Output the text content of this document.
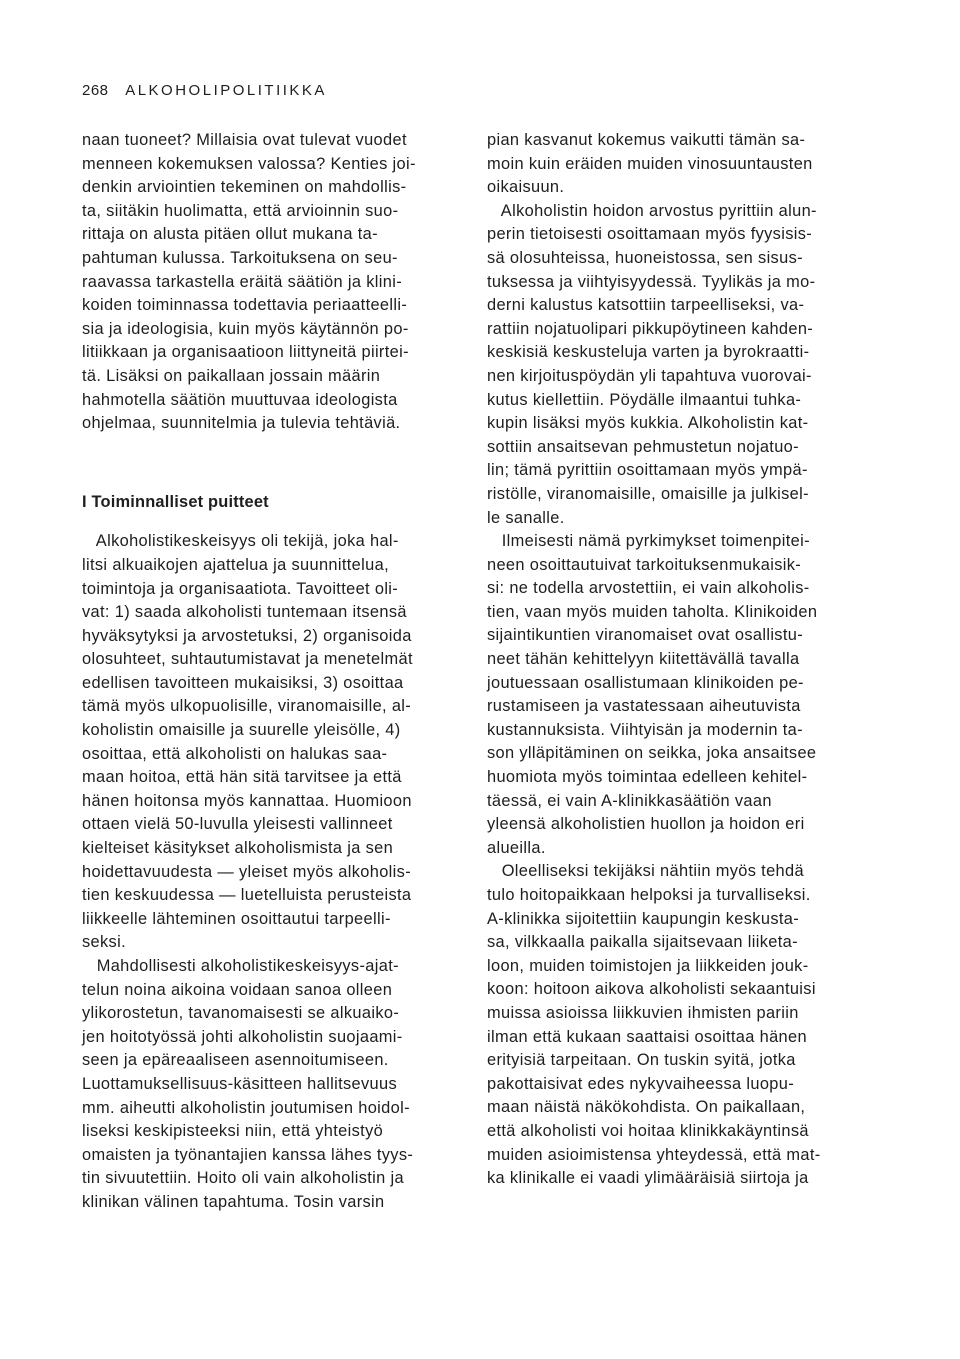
268 ALKOHOLIPOLITIIKKA
naan tuoneet? Millaisia ovat tulevat vuodet
menneen kokemuksen valossa? Kenties joi-
denkin arviointien tekeminen on mahdollis-
ta, siitäkin huolimatta, että arvioinnin suo-
rittaja on alusta pitäen ollut mukana ta-
pahtuman kulussa. Tarkoituksena on seu-
raavassa tarkastella eräitä säätiön ja klini-
koiden toiminnassa todettavia periaatteelli-
sia ja ideologisia, kuin myös käytännön po-
litiikkaan ja organisaatioon liittyneitä piirtei-
tä. Lisäksi on paikallaan jossain määrin
hahmotella säätiön muuttuvaa ideologista
ohjelmaa, suunnitelmia ja tulevia tehtäviä.
I Toiminnalliset puitteet
Alkoholistikeskeisyys oli tekijä, joka hal-
litsi alkuaikojen ajattelua ja suunnittelua,
toimintoja ja organisaatiota. Tavoitteet oli-
vat: 1) saada alkoholisti tuntemaan itsensä
hyväksytyksi ja arvostetuksi, 2) organisoida
olosuhteet, suhtautumistavat ja menetelmät
edellisen tavoitteen mukaisiksi, 3) osoittaa
tämä myös ulkopuolisille, viranomaisille, al-
koholistin omaisille ja suurelle yleisölle, 4)
osoittaa, että alkoholisti on halukas saa-
maan hoitoa, että hän sitä tarvitsee ja että
hänen hoitonsa myös kannattaa. Huomioon
ottaen vielä 50-luvulla yleisesti vallinneet
kielteiset käsitykset alkoholismista ja sen
hoidettavuudesta — yleiset myös alkoholis-
tien keskuudessa — luetelluista perusteista
liikkeelle lähteminen osoittautui tarpeelli-
seksi.
Mahdollisesti alkoholistikeskeisyys-ajat-
telun noina aikoina voidaan sanoa olleen
ylikorostetun, tavanomaisesti se alkuaiko-
jen hoitotyössä johti alkoholistin suojaami-
seen ja epäreaaliseen asennoitumiseen.
Luottamuksellisuus-käsitteen hallitsevuus
mm. aiheutti alkoholistin joutumisen hoidol-
liseksi keskipisteeksi niin, että yhteistyö
omaisten ja työnantajien kanssa lähes tyys-
tin sivuutettiin. Hoito oli vain alkoholistin ja
klinikan välinen tapahtuma. Tosin varsin
pian kasvanut kokemus vaikutti tämän sa-
moin kuin eräiden muiden vinosuuntausten
oikaisuun.
Alkoholistin hoidon arvostus pyrittiin alun-
perin tietoisesti osoittamaan myös fyysisis-
sä olosuhteissa, huoneistossa, sen sisus-
tuksessa ja viihtyisyydessä. Tyylikäs ja mo-
derni kalustus katsottiin tarpeelliseksi, va-
rattiin nojatuolipari pikkupöytineen kahden-
keskisiä keskusteluja varten ja byrokraatti-
nen kirjoituspöydän yli tapahtuva vuorovai-
kutus kiellettiin. Pöydälle ilmaantui tuhka-
kupin lisäksi myös kukkia. Alkoholistin kat-
sottiin ansaitsevan pehmustetun nojatuo-
lin; tämä pyrittiin osoittamaan myös ympä-
ristölle, viranomaisille, omaisille ja julkisel-
le sanalle.
Ilmeisesti nämä pyrkimykset toimenpitei-
neen osoittautuivat tarkoituksenmukaisik-
si: ne todella arvostettiin, ei vain alkoholis-
tien, vaan myös muiden taholta. Klinikoiden
sijaintikuntien viranomaiset ovat osallistu-
neet tähän kehittelyyn kiitettävällä tavalla
joutuessaan osallistumaan klinikoiden pe-
rustamiseen ja vastatessaan aiheutuvista
kustannuksista. Viihtyisän ja modernin ta-
son ylläpitäminen on seikka, joka ansaitsee
huomiota myös toimintaa edelleen kehitel-
täessä, ei vain A-klinikkasäätiön vaan
yleensä alkoholistien huollon ja hoidon eri
alueilla.
Oleelliseksi tekijäksi nähtiin myös tehdä
tulo hoitopaikkaan helpoksi ja turvalliseksi.
A-klinikka sijoitettiin kaupungin keskusta-
sa, vilkkaalla paikalla sijaitsevaan liiketa-
loon, muiden toimistojen ja liikkeiden jouk-
koon: hoitoon aikova alkoholisti sekaantuisi
muissa asioissa liikkuvien ihmisten pariin
ilman että kukaan saattaisi osoittaa hänen
erityisiä tarpeitaan. On tuskin syitä, jotka
pakottaisivat edes nykyvaiheessa luopu-
maan näistä näkökohdista. On paikallaan,
että alkoholisti voi hoitaa klinikkakäyntinsä
muiden asioimistensa yhteydessä, että mat-
ka klinikalle ei vaadi ylimääräisiä siirtoja ja
